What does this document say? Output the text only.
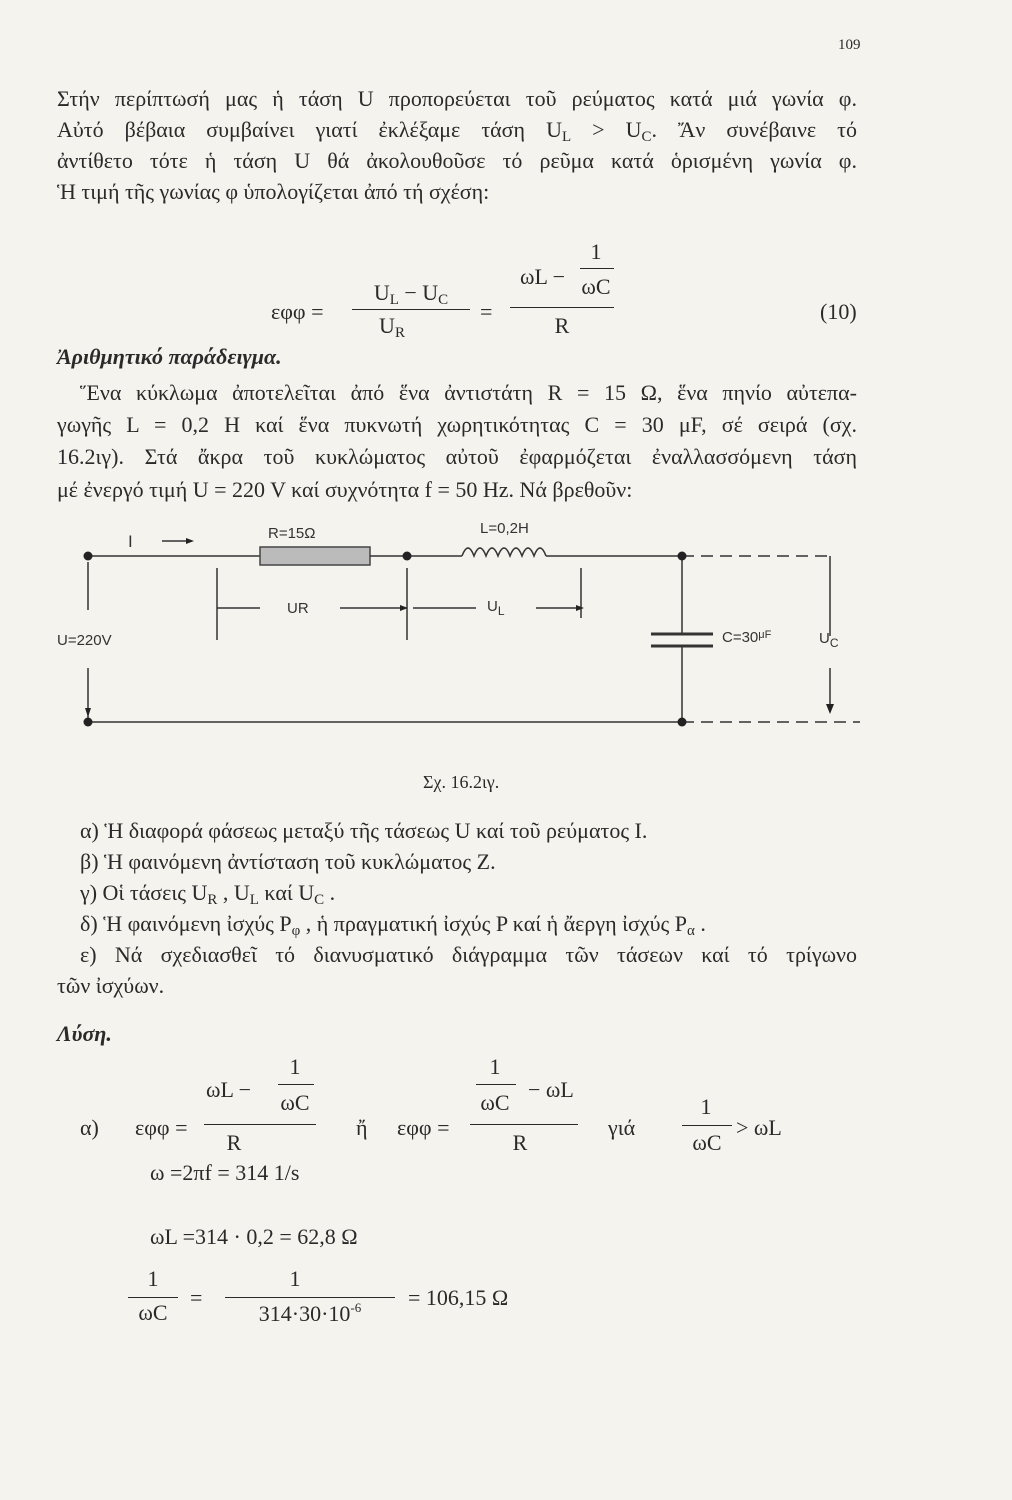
109
Στήν περίπτωσή μας ἡ τάση U προπορεύεται τοῦ ρεύματος κατά μιά γωνία φ.
Αὐτό βέβαια συμβαίνει γιατί ἐκλέξαμε τάση $U_L > U_C$. Ἄν συνέβαινε τό
ἀντίθετο τότε ἡ τάση U θά ἀκολουθοῦσε τό ρεῦμα κατά ὁρισμένη γωνία φ.
Ἡ τιμή τῆς γωνίας φ ὑπολογίζεται ἀπό τή σχέση:
εφφ =
$U_L - U_C$
$U_R$
=
ωL −
1
ωC
R
(10)
Ἀριθμητικό παράδειγμα.
Ἕνα κύκλωμα ἀποτελεῖται ἀπό ἕνα ἀντιστάτη R = 15 Ω, ἕνα πηνίο αὐτεπα-
γωγῆς L = 0,2 H καί ἕνα πυκνωτή χωρητικότητας C = 30 μF, σέ σειρά (σχ.
16.2ιγ). Στά ἄκρα τοῦ κυκλώματος αὐτοῦ ἐφαρμόζεται ἐναλλασσόμενη τάση
μέ ἐνεργό τιμή U = 220 V καί συχνότητα f = 50 Hz. Νά βρεθοῦν:
I	R=15Ω	L=0,2H
UR	$U_L$
U=220V	$C=30^{\mu F}$	$U_C$
Σχ. 16.2ιγ.
α) Ἡ διαφορά φάσεως μεταξύ τῆς τάσεως U καί τοῦ ρεύματος I.
β) Ἡ φαινόμενη ἀντίσταση τοῦ κυκλώματος Z.
γ) Οἱ τάσεις $U_R$ , $U_L$ καί $U_C$ .
δ) Ἡ φαινόμενη ἰσχύς $P_\varphi$ , ἡ πραγματική ἰσχύς P καί ἡ ἄεργη ἰσχύς $P_\alpha$ .
ε) Νά σχεδιασθεῖ τό διανυσματικό διάγραμμα τῶν τάσεων καί τό τρίγωνο
τῶν ἰσχύων.
Λύση.
α) εφφ =
ωL −
1
ωC
R
ἤ εφφ =
1
ωC
− ωL
R
γιά
1
ωC
> ωL
ω =2πf = 314 1/s
ωL =314 · 0,2 = 62,8 Ω
1
ωC
=
1
$314\cdot 30\cdot 10^{-6}$	= 106,15 Ω
